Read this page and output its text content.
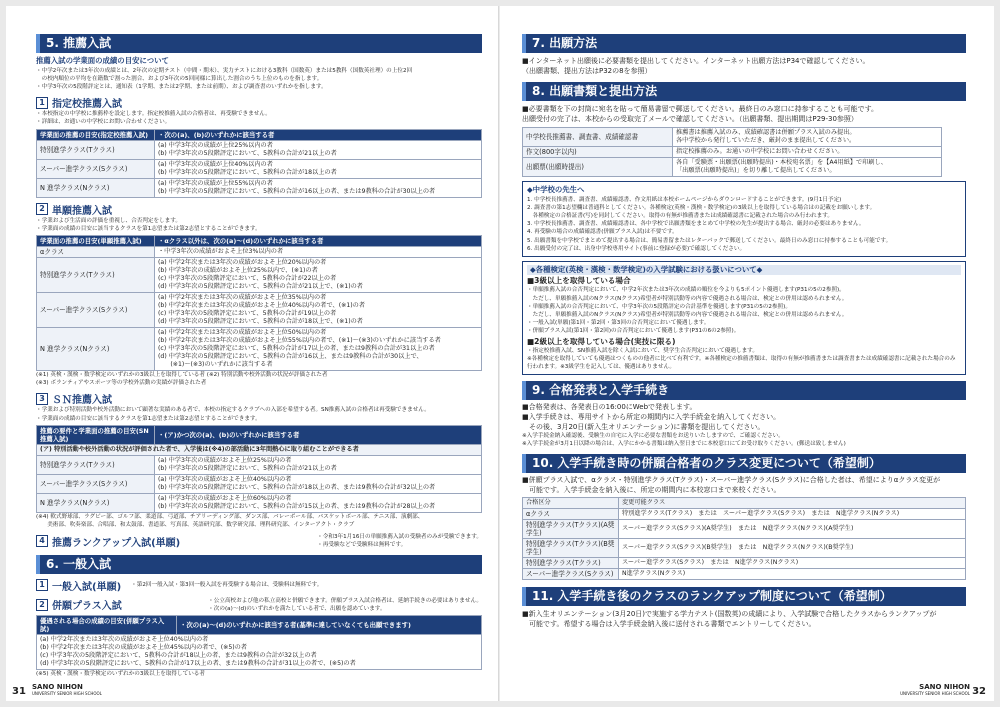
5. 推薦入試
推薦入試の学業面の成績の目安について
・中学2年次または3年次の成績とは、2年次の定期テスト（中間・期末）、実力テストにおける3教科（国数英）または5教科（国数英社理）の上位2回
　の校内順位の平均を在籍数で割った割合、および3年次の5回同様に算出した割合のうち上位のものを指します。
・中学3年次の5段階評定とは、通知表（1学期、または2学期、または前期）、および調査書のいずれかを指します。
1 指定校推薦入試
・本校指定の中学校に推薦枠を設定します。指定校推薦入試の合格者は、再受験できません。
・詳細は、お通いの中学校にお問い合わせください。
学業面の推薦の目安(指定校推薦入試)	・次の(a)、(b)のいずれかに該当する者
特別進学クラス(Tクラス)	(a) 中学3年次の成績が上位25%以内の者
(b) 中学3年次の5段階評定において、5教科の合計が21以上の者

スーパー進学クラス(Sクラス)	(a) 中学3年次の成績が上位40%以内の者
(b) 中学3年次の5段階評定において、5教科の合計が18以上の者

N 進学クラス(Nクラス)	(a) 中学3年次の成績が上位55%以内の者
(b) 中学3年次の5段階評定において、5教科の合計が16以上の者、または9教科の合計が30以上の者
2 単願推薦入試
・学業および生活面の評価を重視し、合否判定をします。
・学業面の成績の目安に該当するクラスを第1志望または第2志望とすることができます。
学業面の推薦の目安(単願推薦入試)	・αクラス以外は、次の(a)～(d)のいずれかに該当する者
αクラス	・中学3年次の成績がおよそ上位3%以内の者

特別進学クラス(Tクラス)	(a) 中学2年次または3年次の成績がおよそ上位20%以内の者
(b) 中学3年次の成績がおよそ上位25%以内で、(※1)の者
(c) 中学3年次の5段階評定において、5教科の合計が22以上の者
(d) 中学3年次の5段階評定において、5教科の合計が21以上で、(※1)の者

スーパー進学クラス(Sクラス)	(a) 中学2年次または3年次の成績がおよそ上位35%以内の者
(b) 中学2年次または3年次の成績がおよそ上位40%以内の者で、(※1)の者
(c) 中学3年次の5段階評定において、5教科の合計が19以上の者
(d) 中学3年次の5段階評定において、5教科の合計が18以上で、(※1)の者

N 進学クラス(Nクラス)	(a) 中学2年次または3年次の成績がおよそ上位50%以内の者
(b) 中学2年次または3年次の成績がおよそ上位55%以内の者で、(※1)～(※3)のいずれかに該当する者
(c) 中学3年次の5段階評定において、5教科の合計が17以上の者、または9教科の合計が31以上の者
(d) 中学3年次の5段階評定において、5教科の合計が16以上、または9教科の合計が30以上で、
　　(※1)～(※3)のいずれかに該当する者
(※1) 英検・漢検・数学検定のいずれかの3級以上を取得している者 (※2) 特別活動や校外活動の状況が評価された者
(※3) ボランティアやスポーツ等の学校外活動の実績が評価された者
3 ＳＮ推薦入試
・学業および特別活動や校外活動において顕著な実績のある者で、本校の指定するクラブへの入部を希望する者。SN推薦入試の合格者は再受験できません。
・学業面の成績の目安に該当するクラスを第1志望または第2志望とすることができます。
推薦の要件と学業面の推薦の目安(SN推薦入試)	・(ア)かつ次の(a)、(b)のいずれかに該当する者
(ア) 特別活動や校外活動の状況が評価された者で、入学後は(※4)の部活動に3年間熱心に取り組むことができる者	
特別進学クラス(Tクラス)	(a) 中学3年次の成績がおよそ上位25%以内の者
(b) 中学3年次の5段階評定において、5教科の合計が21以上の者

スーパー進学クラス(Sクラス)	(a) 中学3年次の成績がおよそ上位40%以内の者
(b) 中学3年次の5段階評定において、5教科の合計が18以上の者、または9教科の合計が32以上の者

N 進学クラス(Nクラス)	(a) 中学3年次の成績がおよそ上位60%以内の者
(b) 中学3年次の5段階評定において、5教科の合計が15以上の者、または9教科の合計が28以上の者
(※4) 軟式野球部、ラグビー部、ゴルフ部、柔道部、弓道部、チアリーディング部、ダンス部、バレーボール部、バスケットボール部、テニス部、演劇部、
　　美術部、吹奏楽部、合唱部、和太鼓部、書道部、写真部、英語研究部、数学研究部、理科研究部、インターアクト・クラブ
4 推薦ランクアップ入試(単願)
・令和3年1月16日の単願推薦入試の受験者のみが受験できます。
・再受験などで受験料は無料です。
6. 一般入試
1 一般入試(単願) ・第2回一般入試・第3回一般入試を再受験する場合は、受験料は無料です。
2 併願プラス入試
・公立高校および他の私立高校と併願できます。併願プラス入試合格者は、延納手続きの必要はありません。
・次の(a)～(d)のいずれかを満たしている者で、出願を認めています。
優遇される場合の成績の目安(併願プラス入試)	・次の(a)～(d)のいずれかに該当する者(基準に達していなくても出願できます)

(a) 中学2年次または3年次の成績がおよそ上位40%以内の者
(b) 中学2年次または3年次の成績がおよそ上位45%以内の者で、(※5)の者
(c) 中学3年次の5段階評定において、5教科の合計が18以上の者、または9教科の合計が32以上の者
(d) 中学3年次の5段階評定において、5教科の合計が17以上の者、または9教科の合計が31以上の者で、(※5)の者
(※5) 英検・漢検・数学検定のいずれかの3級以上を取得している者
31 SANO NIHON
UNIVERSITY SENIOR HIGH SCHOOL
7. 出願方法
■インターネット出願後に必要書類を提出してください。インターネット出願方法はP34で確認してください。
（出願書類、提出方法はP32の8を参照）
8. 出願書類と提出方法
■必要書類を下の封筒に宛名を貼って簡易書留で郵送してください。最終日のみ窓口に持参することも可能です。
出願受付の完了は、本校からの受取完了メールで確認してください。（出願書類、提出期間はP29-30参照）
中学校長推薦書、調査書、成績確認書	推薦書は推薦入試のみ、成績確認書は併願プラス入試のみ提出。
各中学校から発行していただき、厳封のまま提出してください。

作文(800字以内)	指定校推薦のみ。お通いの中学校にお問い合わせください。

出願票(出願時提出)	各自「受験票・出願票(出願時提出)・本校宛名票」を【A4用紙】で印刷し、
「出願票(出願時提出)」を切り離して提出してください。
◆中学校の先生へ
1. 中学校長推薦書、調査書、成績確認書、作文用紙は本校ホームページからダウンロードすることができます。(9月1日予定)
2. 調査書の第1志望欄は普通科としてください。各種検定(英検・漢検・数学検定)の3級以上を取得している場合はの記載をお願いします。
　各種検定の合格証書(写)を同封してください。取得の有無が推薦書または成績確認書に記載された場合のみ行われます。
3. 中学校長推薦書、調査書、成績確認書は、各中学校で出願書類をまとめて中学校の先生が提出する場合、厳封の必要はありません。
4. 再受験の場合の成績確認書(併願プラス入試)は不要です。
5. 出願書類を中学校でまとめて提出する場合は、簡易書留またはレターパックで郵送してください。最終日のみ窓口に持参することも可能です。
6. 出願受付の完了は、出身中学校専用サイト(事前に登録が必要)で確認してください。
◆各種検定(英検・漢検・数学検定)の入学試験における扱いについて◆
■3級以上を取得している場合
・単願推薦入試の合否判定において、中学2年次または3年次の成績の順位を今よりも5ポイント優遇します(P31の5の2参照)。
　ただし、単願推薦入試のNクラス(Nクラス)希望者が特別活動等の内容で優遇される場合は、検定との併用は認められません。
・単願推薦入試の合否判定において、中学3年次の5段階評定の合計基準を優遇します(P31の5の2参照)。
　ただし、単願推薦入試のNクラス(Nクラス)希望者が特別活動等の内容で優遇される場合は、検定との併用は認められません。
・一般入試(単願)第1回・第2回・第3回の合否判定において優遇します。
・併願プラス入試(第1回・第2回)の合否判定において優遇します(P31の6の2参照)。
■2級以上を取得している場合(実技に限る)
・指定校推薦入試、SN推薦入試を除く入試において、奨学生合否判定において優遇します。
※各種検定を取得していても優遇はつくものの他者に比べて有利です。※各種検定の推薦書類は、取得の有無が推薦書または調査書または成績確認書に記載された場合のみ行われます。※3級学生を記入しては、優遇はありません。
9. 合格発表と入学手続き
■合格発表は、各発表日の16:00にWebで発表します。
■入学手続きは、専用サイトから所定の期間内に入学手続金を納入してください。
　その後、3月20日(新入生オリエンテーション)に書類を提出してください。
※入学手続金納入確認後、受験生の自宅に入学に必要な書類をお送りいたしますので、ご確認ください。
※入学手続金が3月1日以降の場合は、入学にかかる書類は納入翌日までに本校窓口にてお受け取りください。(郵送は致しません)
10. 入学手続き時の併願合格者のクラス変更について（希望制）
■併願プラス入試で、αクラス・特別進学クラス(Tクラス)・スーパー進学クラス(Sクラス)に合格した者は、希望によりαクラス変更が
　可能です。入学手続金を納入後に、所定の期間内に本校窓口まで来校ください。
合格区分	変更可能クラス
αクラス	特別進学クラス(Tクラス)　または　スーパー進学クラス(Sクラス)　または　N進学クラス(Nクラス)

特別進学クラス(Tクラス)(A奨学生)	スーパー進学クラス(Sクラス)(A奨学生)　または　N進学クラス(Nクラス)(A奨学生)

特別進学クラス(Tクラス)(B奨学生)	スーパー進学クラス(Sクラス)(B奨学生)　または　N進学クラス(Nクラス)(B奨学生)

特別進学クラス(Tクラス)	スーパー進学クラス(Sクラス)　または　N進学クラス(Nクラス)

スーパー進学クラス(Sクラス)	N進学クラス(Nクラス)
11. 入学手続き後のクラスのランクアップ制度について（希望制）
■新入生オリエンテーション(3月20日)で実施する学力テスト(国数英)の成績により、入学試験で合格したクラスからランクアップが
　可能です。希望する場合は入学手続金納入後に送付される書類でエントリーしてください。
32
SANO NIHON
UNIVERSITY SENIOR HIGH SCHOOL
